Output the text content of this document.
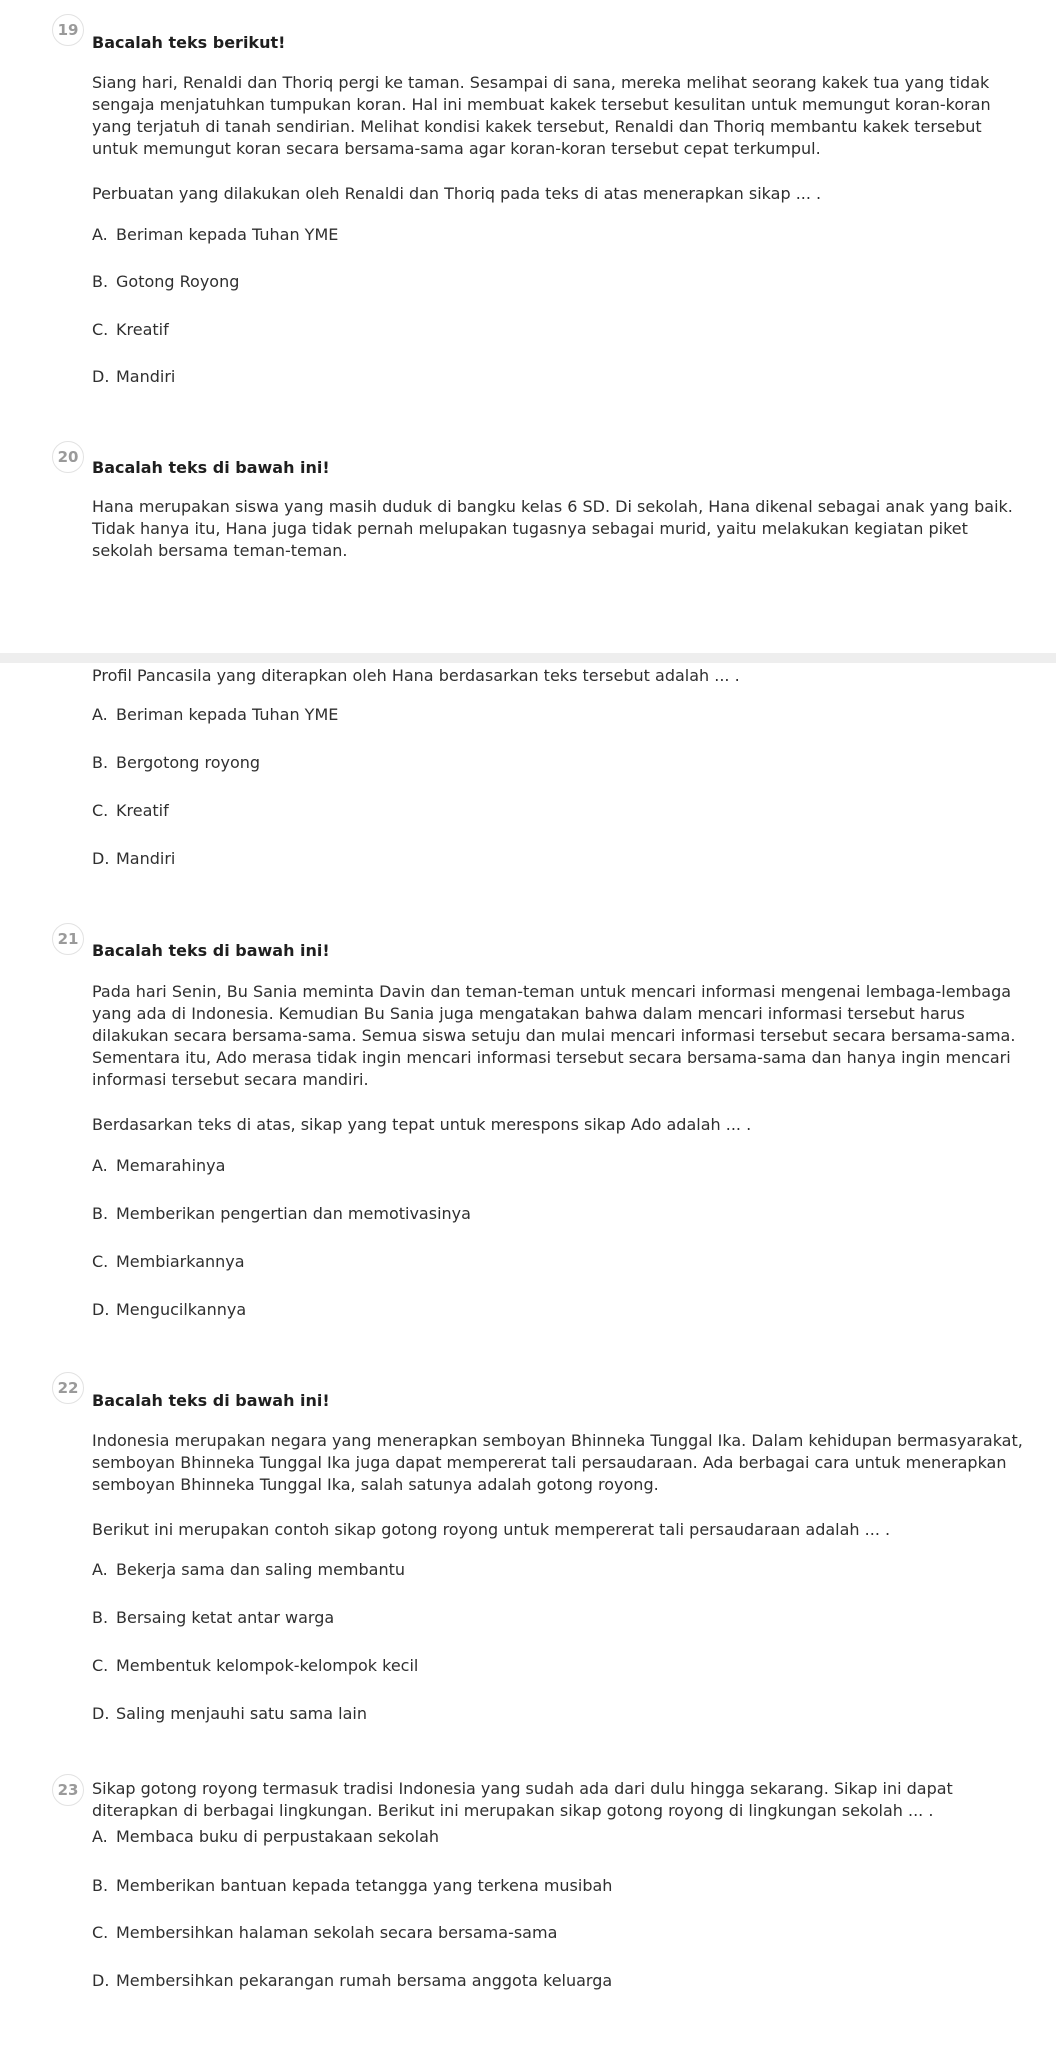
19
Bacalah teks berikut!
Siang hari, Renaldi dan Thoriq pergi ke taman. Sesampai di sana, mereka melihat seorang kakek tua yang tidak sengaja menjatuhkan tumpukan koran. Hal ini membuat kakek tersebut kesulitan untuk memungut koran-koran yang terjatuh di tanah sendirian. Melihat kondisi kakek tersebut, Renaldi dan Thoriq membantu kakek tersebut untuk memungut koran secara bersama-sama agar koran-koran tersebut cepat terkumpul.
Perbuatan yang dilakukan oleh Renaldi dan Thoriq pada teks di atas menerapkan sikap ... .
A. Beriman kepada Tuhan YME
B. Gotong Royong
C. Kreatif
D. Mandiri
20
Bacalah teks di bawah ini!
Hana merupakan siswa yang masih duduk di bangku kelas 6 SD. Di sekolah, Hana dikenal sebagai anak yang baik. Tidak hanya itu, Hana juga tidak pernah melupakan tugasnya sebagai murid, yaitu melakukan kegiatan piket sekolah bersama teman-teman.
Profil Pancasila yang diterapkan oleh Hana berdasarkan teks tersebut adalah ... .
A. Beriman kepada Tuhan YME
B. Bergotong royong
C. Kreatif
D. Mandiri
21
Bacalah teks di bawah ini!
Pada hari Senin, Bu Sania meminta Davin dan teman-teman untuk mencari informasi mengenai lembaga-lembaga yang ada di Indonesia. Kemudian Bu Sania juga mengatakan bahwa dalam mencari informasi tersebut harus dilakukan secara bersama-sama. Semua siswa setuju dan mulai mencari informasi tersebut secara bersama-sama. Sementara itu, Ado merasa tidak ingin mencari informasi tersebut secara bersama-sama dan hanya ingin mencari informasi tersebut secara mandiri.
Berdasarkan teks di atas, sikap yang tepat untuk merespons sikap Ado adalah ... .
A. Memarahinya
B. Memberikan pengertian dan memotivasinya
C. Membiarkannya
D. Mengucilkannya
22
Bacalah teks di bawah ini!
Indonesia merupakan negara yang menerapkan semboyan Bhinneka Tunggal Ika. Dalam kehidupan bermasyarakat, semboyan Bhinneka Tunggal Ika juga dapat mempererat tali persaudaraan. Ada berbagai cara untuk menerapkan semboyan Bhinneka Tunggal Ika, salah satunya adalah gotong royong.
Berikut ini merupakan contoh sikap gotong royong untuk mempererat tali persaudaraan adalah ... .
A. Bekerja sama dan saling membantu
B. Bersaing ketat antar warga
C. Membentuk kelompok-kelompok kecil
D. Saling menjauhi satu sama lain
23 Sikap gotong royong termasuk tradisi Indonesia yang sudah ada dari dulu hingga sekarang. Sikap ini dapat diterapkan di berbagai lingkungan. Berikut ini merupakan sikap gotong royong di lingkungan sekolah ... .
A. Membaca buku di perpustakaan sekolah
B. Memberikan bantuan kepada tetangga yang terkena musibah
C. Membersihkan halaman sekolah secara bersama-sama
D. Membersihkan pekarangan rumah bersama anggota keluarga
